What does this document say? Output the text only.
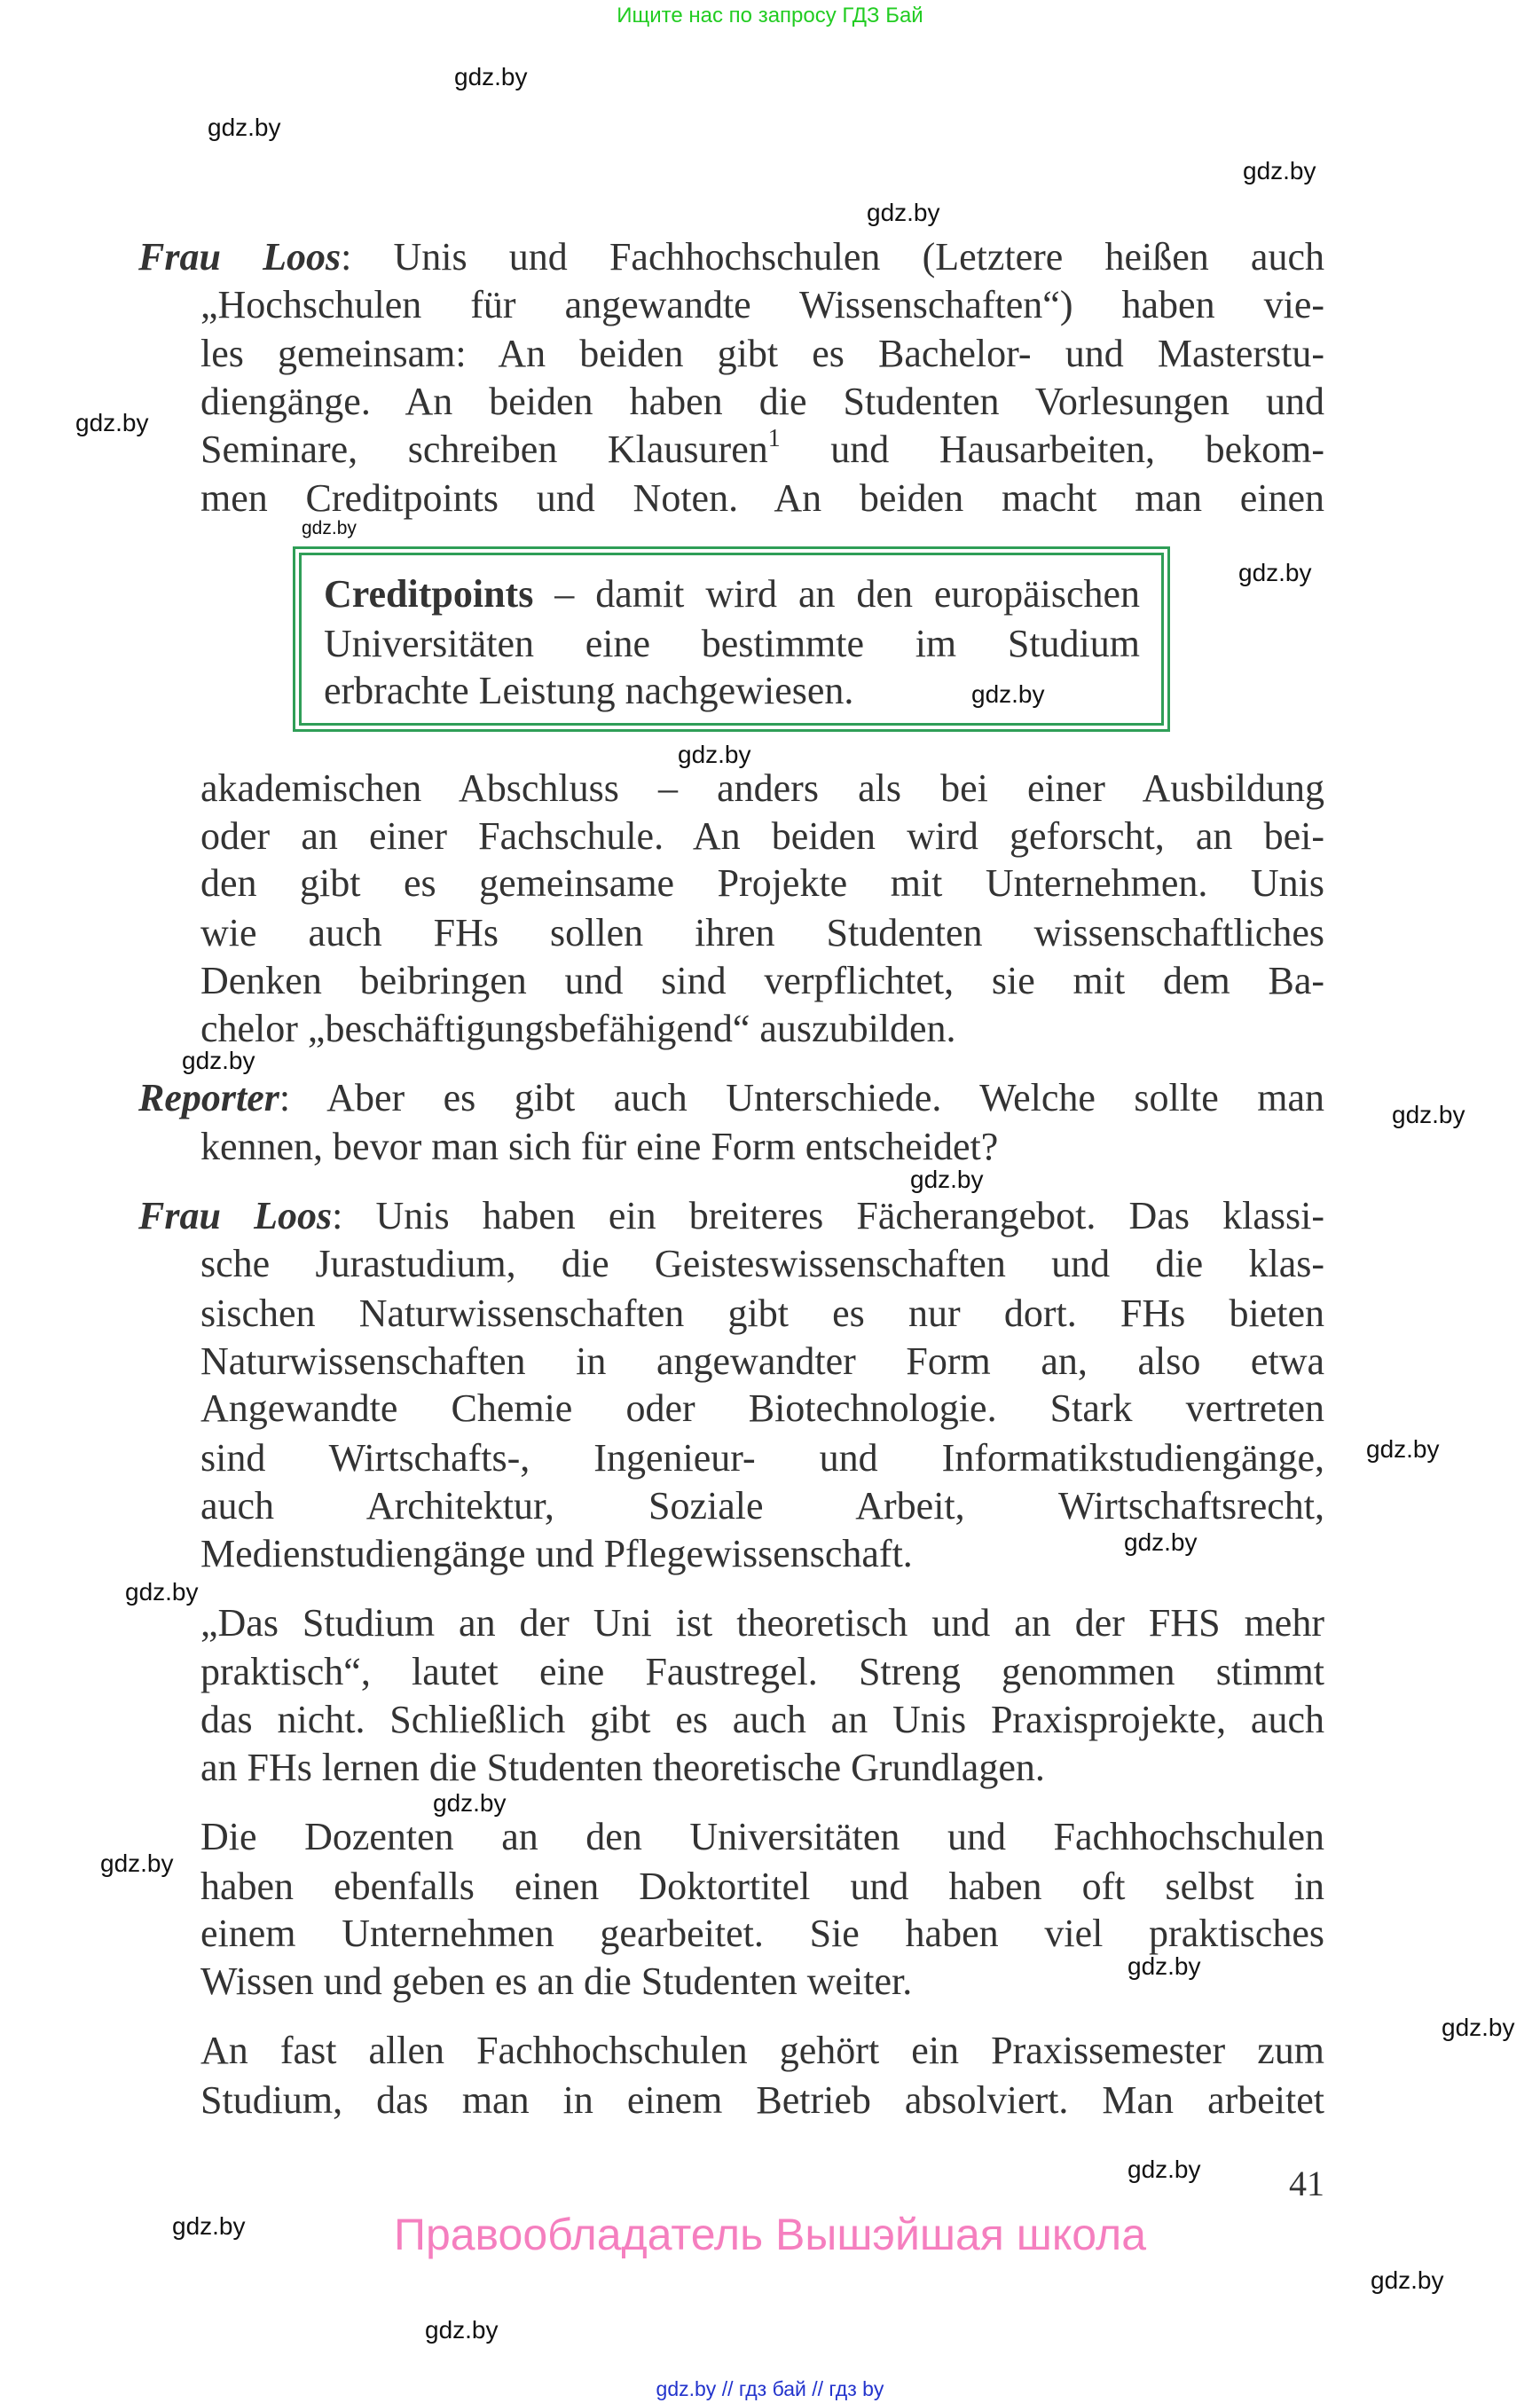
Ищите нас по запросу ГДЗ Бай
Frau Loos: Unis und Fachhochschulen (Letztere heißen auch
„Hochschulen für angewandte Wissenschaften“) haben vie-
les gemeinsam: An beiden gibt es Bachelor- und Masterstu-
diengänge. An beiden haben die Studenten Vorlesungen und
Seminare, schreiben Klausuren$^1$ und Hausarbeiten, bekom-
men Creditpoints und Noten. An beiden macht man einen
Creditpoints – damit wird an den europäischen
Universitäten eine bestimmte im Studium
erbrachte Leistung nachgewiesen.
akademischen Abschluss – anders als bei einer Ausbildung
oder an einer Fachschule. An beiden wird geforscht, an bei-
den gibt es gemeinsame Projekte mit Unternehmen. Unis
wie auch FHs sollen ihren Studenten wissenschaftliches
Denken beibringen und sind verpflichtet, sie mit dem Ba-
chelor „beschäftigungsbefähigend“ auszubilden.
Reporter: Aber es gibt auch Unterschiede. Welche sollte man
kennen, bevor man sich für eine Form entscheidet?
Frau Loos: Unis haben ein breiteres Fächerangebot. Das klassi-
sche Jurastudium, die Geisteswissenschaften und die klas-
sischen Naturwissenschaften gibt es nur dort. FHs bieten
Naturwissenschaften in angewandter Form an, also etwa
Angewandte Chemie oder Biotechnologie. Stark vertreten
sind Wirtschafts-, Ingenieur- und Informatikstudiengänge,
auch Architektur, Soziale Arbeit, Wirtschaftsrecht,
Medienstudiengänge und Pflegewissenschaft.
„Das Studium an der Uni ist theoretisch und an der FHS mehr
praktisch“, lautet eine Faustregel. Streng genommen stimmt
das nicht. Schließlich gibt es auch an Unis Praxisprojekte, auch
an FHs lernen die Studenten theoretische Grundlagen.
Die Dozenten an den Universitäten und Fachhochschulen
haben ebenfalls einen Doktortitel und haben oft selbst in
einem Unternehmen gearbeitet. Sie haben viel praktisches
Wissen und geben es an die Studenten weiter.
An fast allen Fachhochschulen gehört ein Praxissemester zum
Studium, das man in einem Betrieb absolviert. Man arbeitet
41
Правообладатель Вышэйшая школа
gdz.by // гдз бай // гдз by
gdz.by
gdz.by
gdz.by
gdz.by
gdz.by
gdz.by
gdz.by
gdz.by
gdz.by
gdz.by
gdz.by
gdz.by
gdz.by
gdz.by
gdz.by
gdz.by
gdz.by
gdz.by
gdz.by
gdz.by
gdz.by
gdz.by
gdz.by
